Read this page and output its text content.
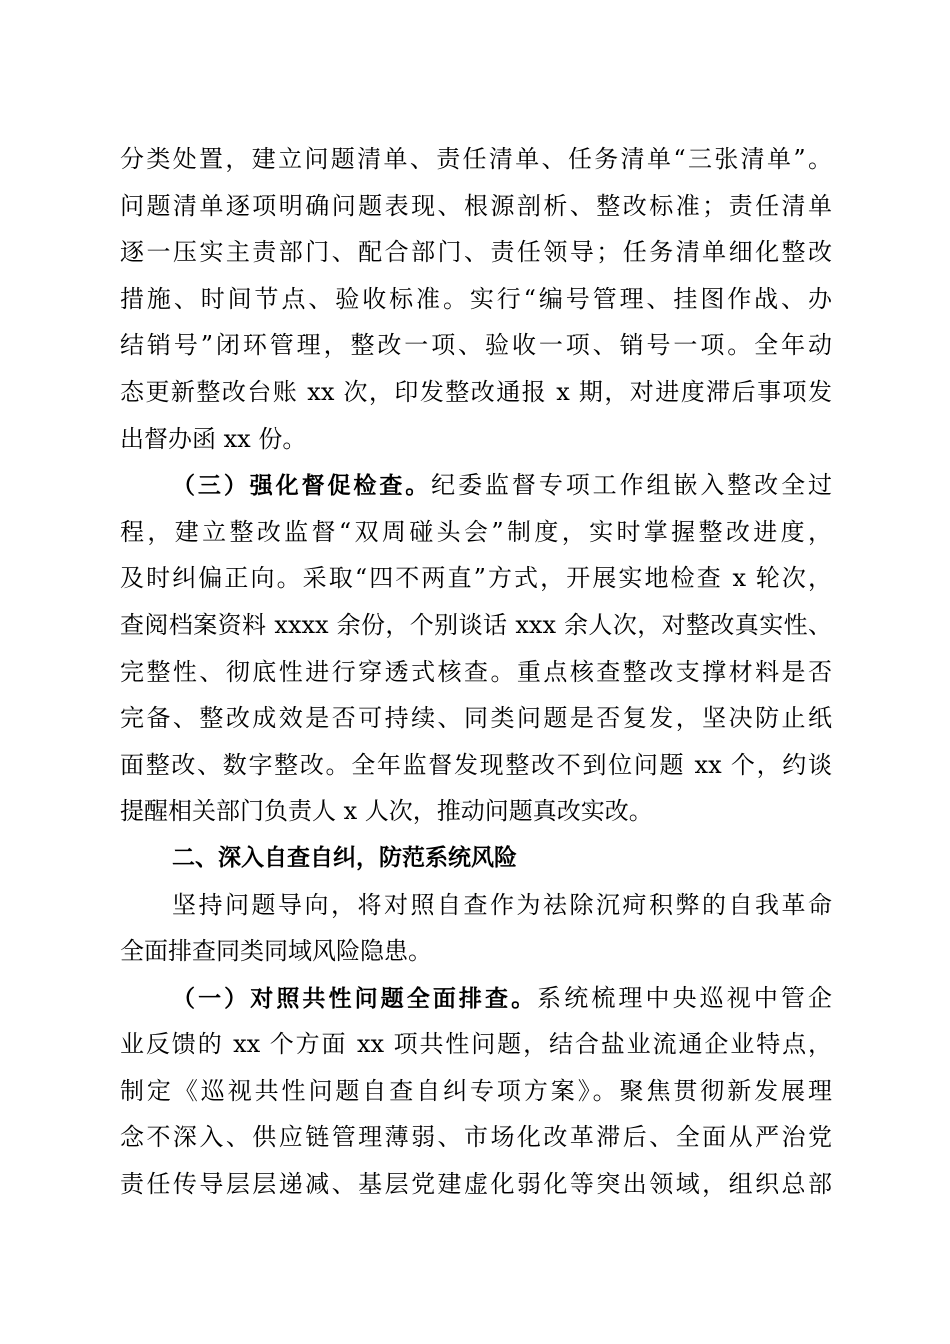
分类处置，建立问题清单、责任清单、任务清单“三张清单”。
问题清单逐项明确问题表现、根源剖析、整改标准；责任清单
逐一压实主责部门、配合部门、责任领导；任务清单细化整改
措施、时间节点、验收标准。实行“编号管理、挂图作战、办
结销号”闭环管理，整改一项、验收一项、销号一项。全年动
态更新整改台账 xx 次，印发整改通报 x 期，对进度滞后事项发
出督办函 xx 份。
（三）强化督促检查。纪委监督专项工作组嵌入整改全过
程，建立整改监督“双周碰头会”制度，实时掌握整改进度，
及时纠偏正向。采取“四不两直”方式，开展实地检查 x 轮次，
查阅档案资料 xxxx 余份，个别谈话 xxx 余人次，对整改真实性、
完整性、彻底性进行穿透式核查。重点核查整改支撑材料是否
完备、整改成效是否可持续、同类问题是否复发，坚决防止纸
面整改、数字整改。全年监督发现整改不到位问题 xx 个，约谈
提醒相关部门负责人 x 人次，推动问题真改实改。
二、深入自查自纠，防范系统风险
坚持问题导向，将对照自查作为祛除沉疴积弊的自我革命
全面排查同类同域风险隐患。
（一）对照共性问题全面排查。系统梳理中央巡视中管企
业反馈的 xx 个方面 xx 项共性问题，结合盐业流通企业特点，
制定《巡视共性问题自查自纠专项方案》。聚焦贯彻新发展理
念不深入、供应链管理薄弱、市场化改革滞后、全面从严治党
责任传导层层递减、基层党建虚化弱化等突出领域，组织总部
